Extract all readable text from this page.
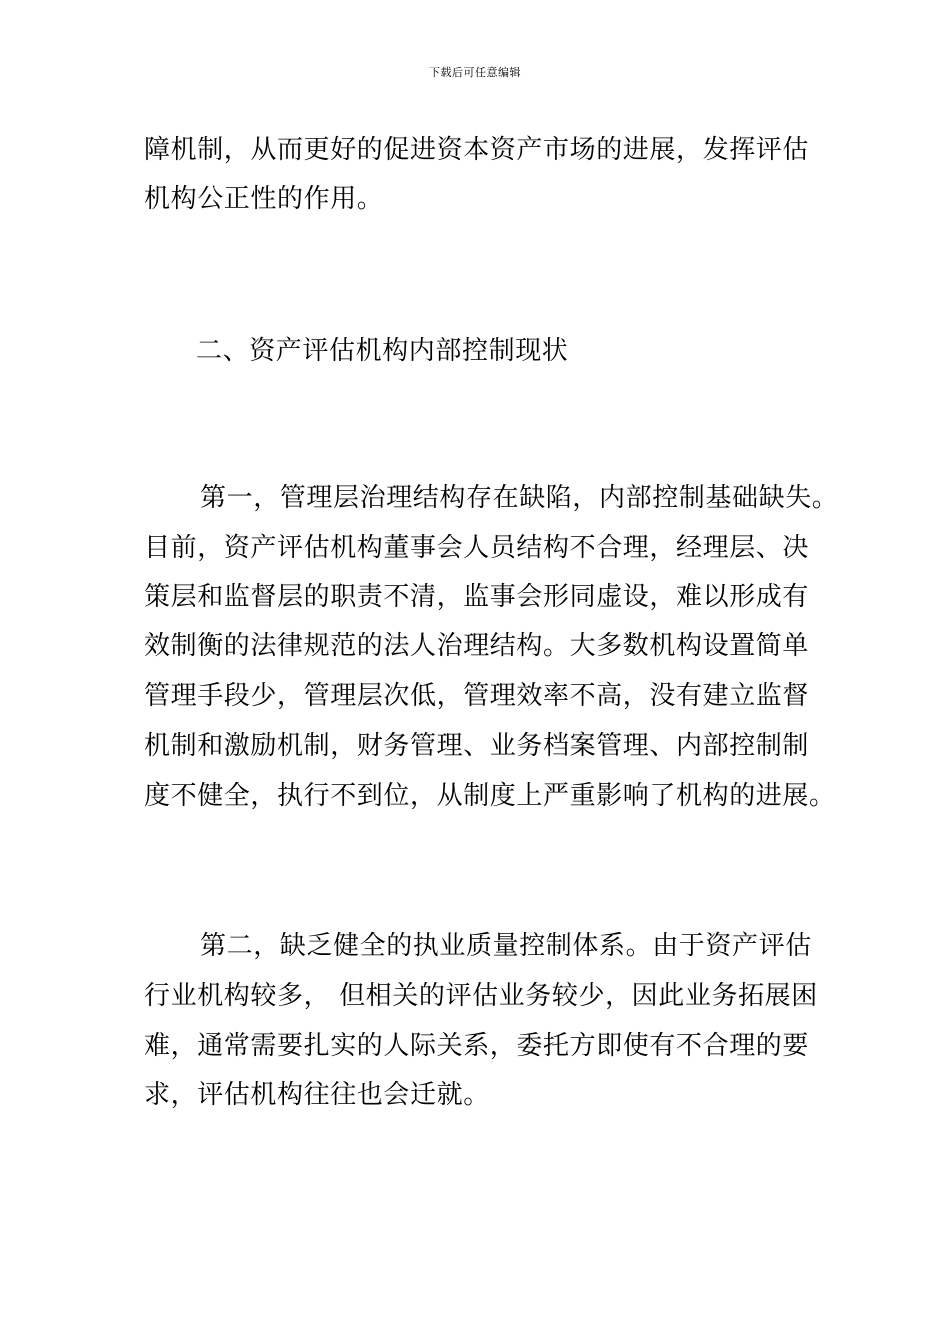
下载后可任意编辑
障机制，从而更好的促进资本资产市场的进展，发挥评估
机构公正性的作用。
二、资产评估机构内部控制现状
第一，管理层治理结构存在缺陷，内部控制基础缺失。
目前，资产评估机构董事会人员结构不合理，经理层、决
策层和监督层的职责不清，监事会形同虚设，难以形成有
效制衡的法律规范的法人治理结构。大多数机构设置简单
管理手段少，管理层次低，管理效率不高，没有建立监督
机制和激励机制，财务管理、业务档案管理、内部控制制
度不健全，执行不到位，从制度上严重影响了机构的进展。
第二，缺乏健全的执业质量控制体系。由于资产评估
行业机构较多， 但相关的评估业务较少，因此业务拓展困
难，通常需要扎实的人际关系，委托方即使有不合理的要
求，评估机构往往也会迁就。
